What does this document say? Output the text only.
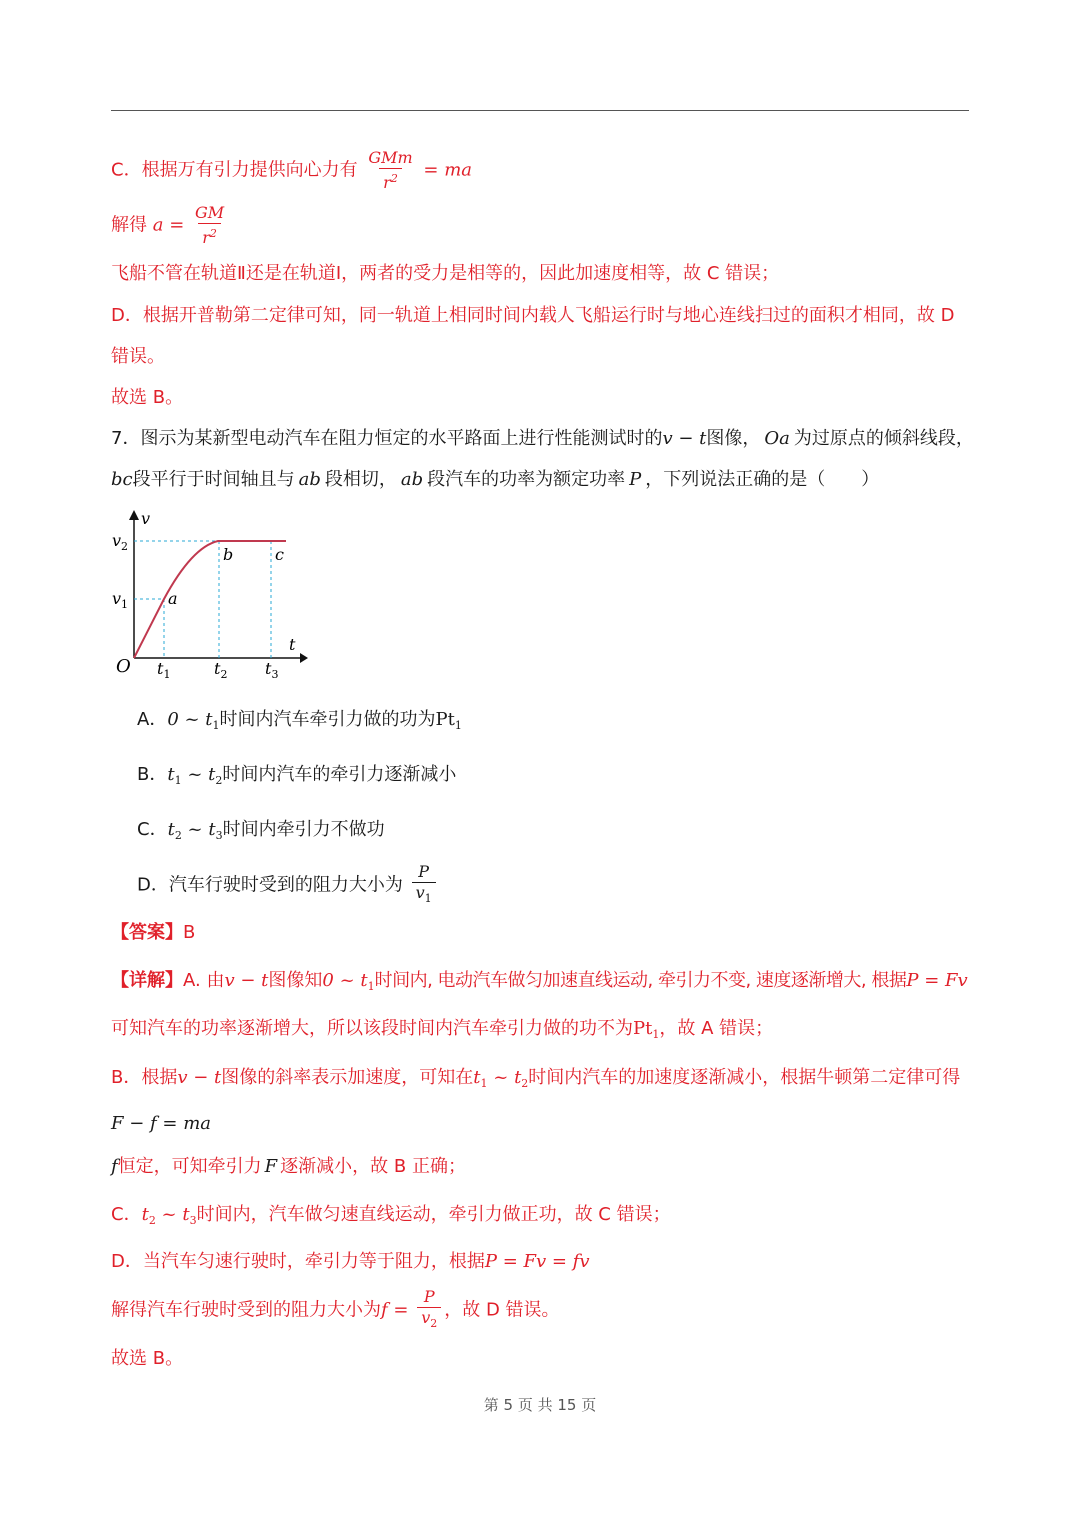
C．根据万有引力提供向心力有 $\frac{\text{GMm}}{r^2}$ = ma
解得 $a = \frac{GM}{r^2}$
飞船不管在轨道Ⅱ还是在轨道Ⅰ，两者的受力是相等的，因此加速度相等，故 C 错误；
D．根据开普勒第二定律可知，同一轨道上相同时间内载人飞船运行时与地心连线扫过的面积才相同，故 D
错误。
故选 B。
7．图示为某新型电动汽车在阻力恒定的水平路面上进行性能测试时的v − t图像， Oa 为过原点的倾斜线段，
bc段平行于时间轴且与 ab 段相切， ab 段汽车的功率为额定功率 P ，下列说法正确的是（　　）
v
t
O
$v_2$
$v_1$
$t_1$	$t_2$ $t_3$
a
b	c
A．0 ~ $t_1$时间内汽车牵引力做的功为$Pt_1$
B．$t_1$ ~ $t_2$时间内汽车的牵引力逐渐减小
C．$t_2$ ~ $t_3$时间内牵引力不做功
D．汽车行驶时受到的阻力大小为 $\frac{P}{v_1}$
【答案】B
【详解】A. 由v − t图像知0 ~ $t_1$时间内, 电动汽车做匀加速直线运动, 牵引力不变, 速度逐渐增大, 根据P = Fv
可知汽车的功率逐渐增大，所以该段时间内汽车牵引力做的功不为$Pt_1$，故 A 错误；
B．根据v − t图像的斜率表示加速度，可知在$t_1$ ~ $t_2$时间内汽车的加速度逐渐减小，根据牛顿第二定律可得
F − f = ma
f恒定，可知牵引力 F 逐渐减小，故 B 正确；
C．$t_2$ ~ $t_3$时间内，汽车做匀速直线运动，牵引力做正功，故 C 错误；
D．当汽车匀速行驶时，牵引力等于阻力，根据P = Fv = fv
解得汽车行驶时受到的阻力大小为$f = \frac{P}{v_2}$ ，故 D 错误。
故选 B。
第 5 页 共 15 页
